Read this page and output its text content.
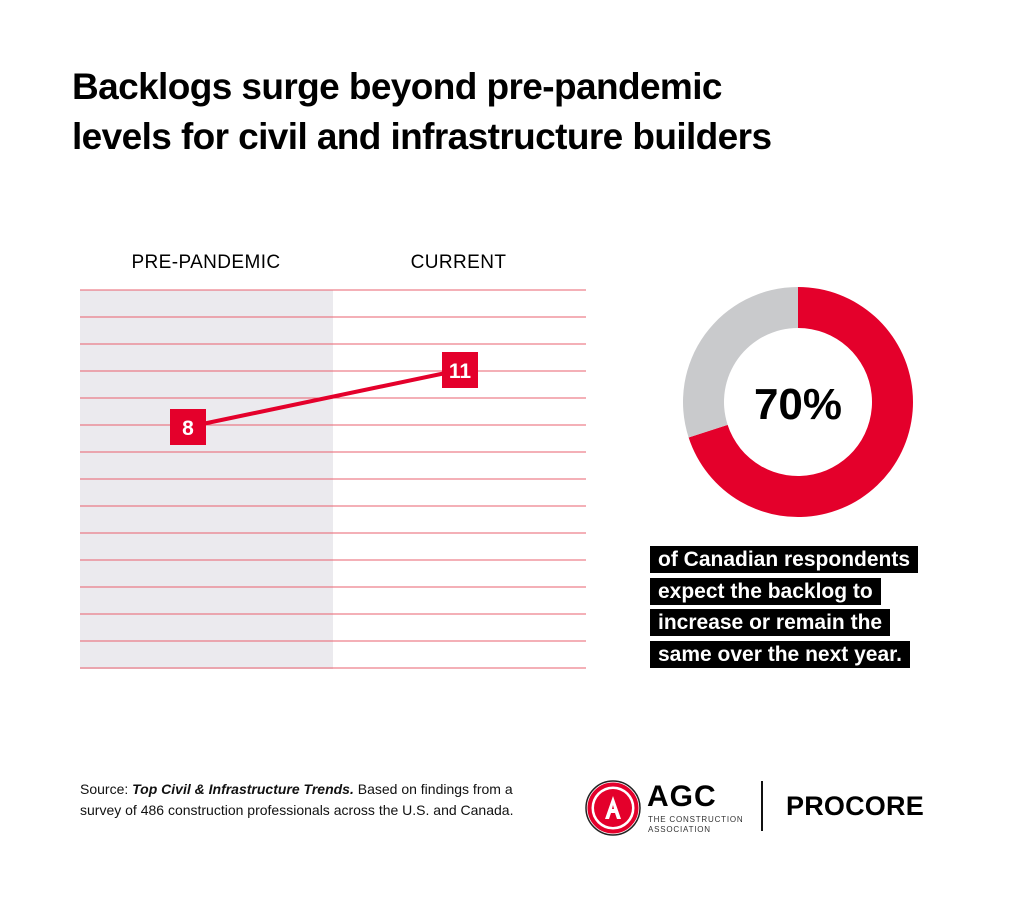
Backlogs surge beyond pre-pandemic
levels for civil and infrastructure builders
PRE-PANDEMIC	CURRENT
8
11
70%
of Canadian respondents
expect the backlog to
increase or remain the
same over the next year.
Source: Top Civil & Infrastructure Trends. Based on findings from a survey of 486 construction professionals across the U.S. and Canada.	AGC
THE CONSTRUCTION
ASSOCIATION
PROCORE
